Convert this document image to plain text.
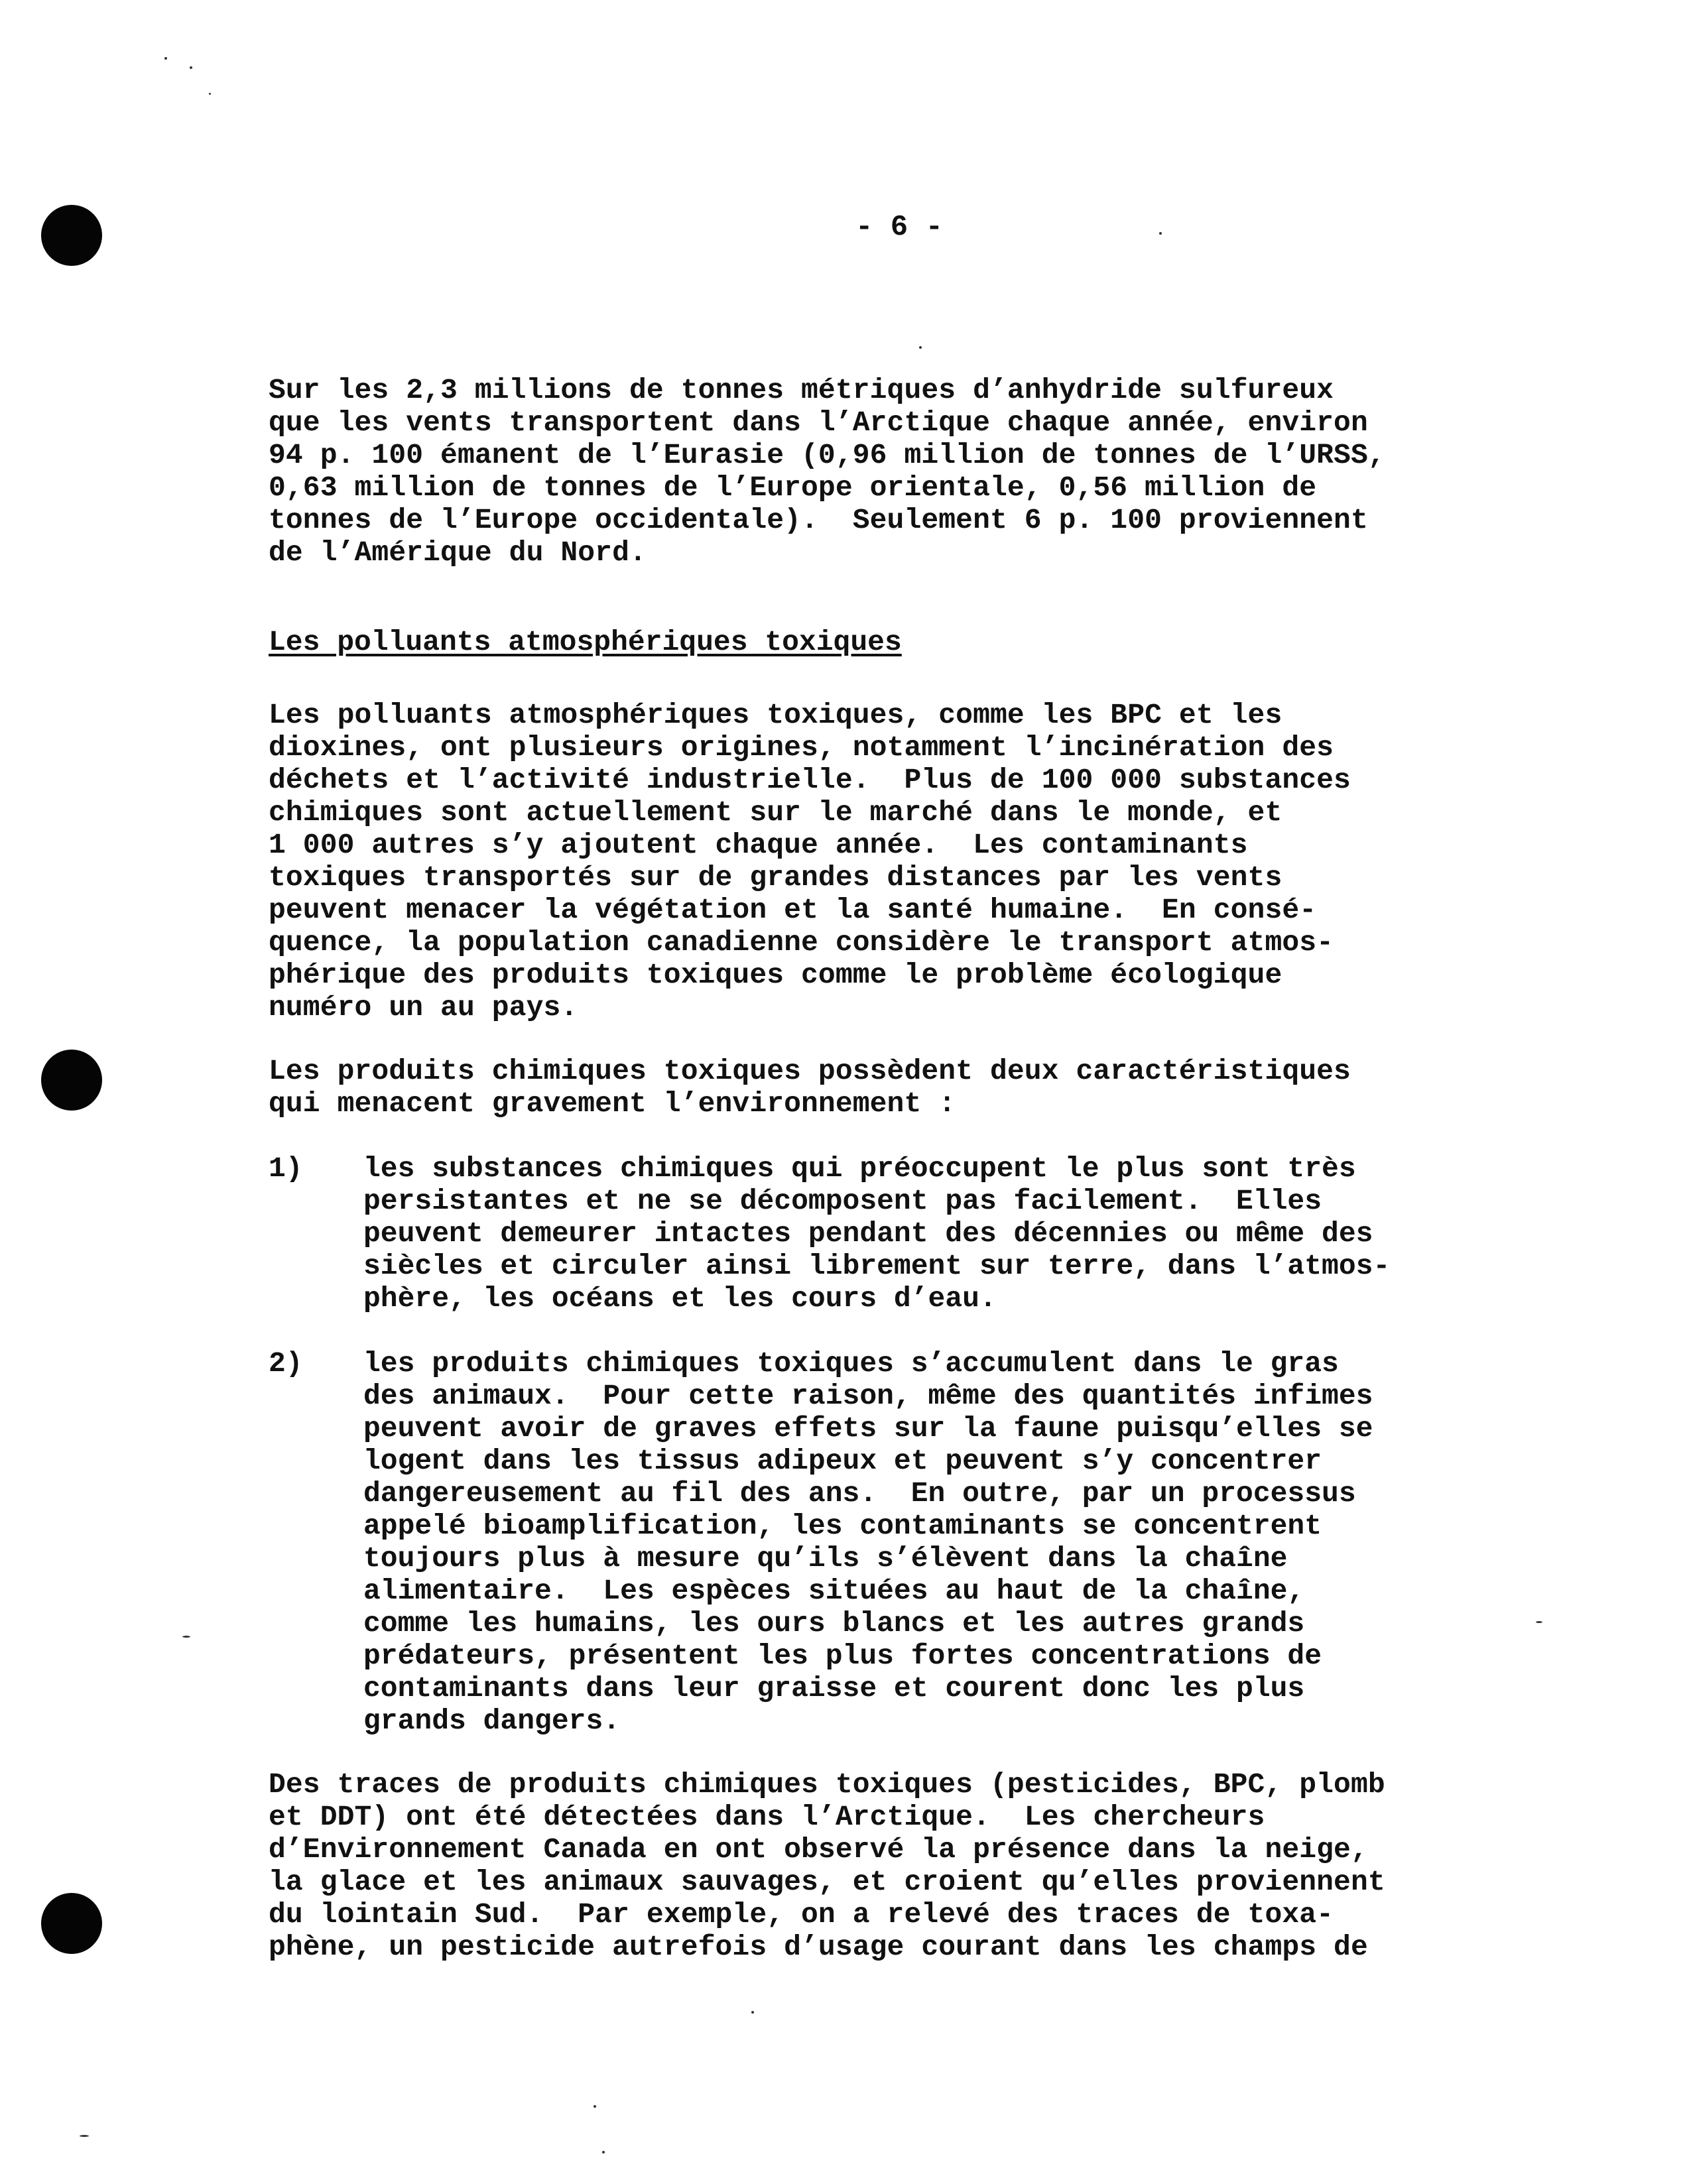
- 6 -
Sur les 2,3 millions de tonnes métriques d’anhydride sulfureux
que les vents transportent dans l’Arctique chaque année, environ
94 p. 100 émanent de l’Eurasie (0,96 million de tonnes de l’URSS,
0,63 million de tonnes de l’Europe orientale, 0,56 million de
tonnes de l’Europe occidentale).  Seulement 6 p. 100 proviennent
de l’Amérique du Nord.
Les polluants atmosphériques toxiques
Les polluants atmosphériques toxiques, comme les BPC et les
dioxines, ont plusieurs origines, notamment l’incinération des
déchets et l’activité industrielle.  Plus de 100 000 substances
chimiques sont actuellement sur le marché dans le monde, et
1 000 autres s’y ajoutent chaque année.  Les contaminants
toxiques transportés sur de grandes distances par les vents
peuvent menacer la végétation et la santé humaine.  En consé-
quence, la population canadienne considère le transport atmos-
phérique des produits toxiques comme le problème écologique
numéro un au pays.
Les produits chimiques toxiques possèdent deux caractéristiques
qui menacent gravement l’environnement :
1) les substances chimiques qui préoccupent le plus sont très
persistantes et ne se décomposent pas facilement.  Elles
peuvent demeurer intactes pendant des décennies ou même des
siècles et circuler ainsi librement sur terre, dans l’atmos-
phère, les océans et les cours d’eau.
2) les produits chimiques toxiques s’accumulent dans le gras
des animaux.  Pour cette raison, même des quantités infimes
peuvent avoir de graves effets sur la faune puisqu’elles se
logent dans les tissus adipeux et peuvent s’y concentrer
dangereusement au fil des ans.  En outre, par un processus
appelé bioamplification, les contaminants se concentrent
toujours plus à mesure qu’ils s’élèvent dans la chaîne
alimentaire.  Les espèces situées au haut de la chaîne,
comme les humains, les ours blancs et les autres grands
prédateurs, présentent les plus fortes concentrations de
contaminants dans leur graisse et courent donc les plus
grands dangers.
Des traces de produits chimiques toxiques (pesticides, BPC, plomb
et DDT) ont été détectées dans l’Arctique.  Les chercheurs
d’Environnement Canada en ont observé la présence dans la neige,
la glace et les animaux sauvages, et croient qu’elles proviennent
du lointain Sud.  Par exemple, on a relevé des traces de toxa-
phène, un pesticide autrefois d’usage courant dans les champs de
